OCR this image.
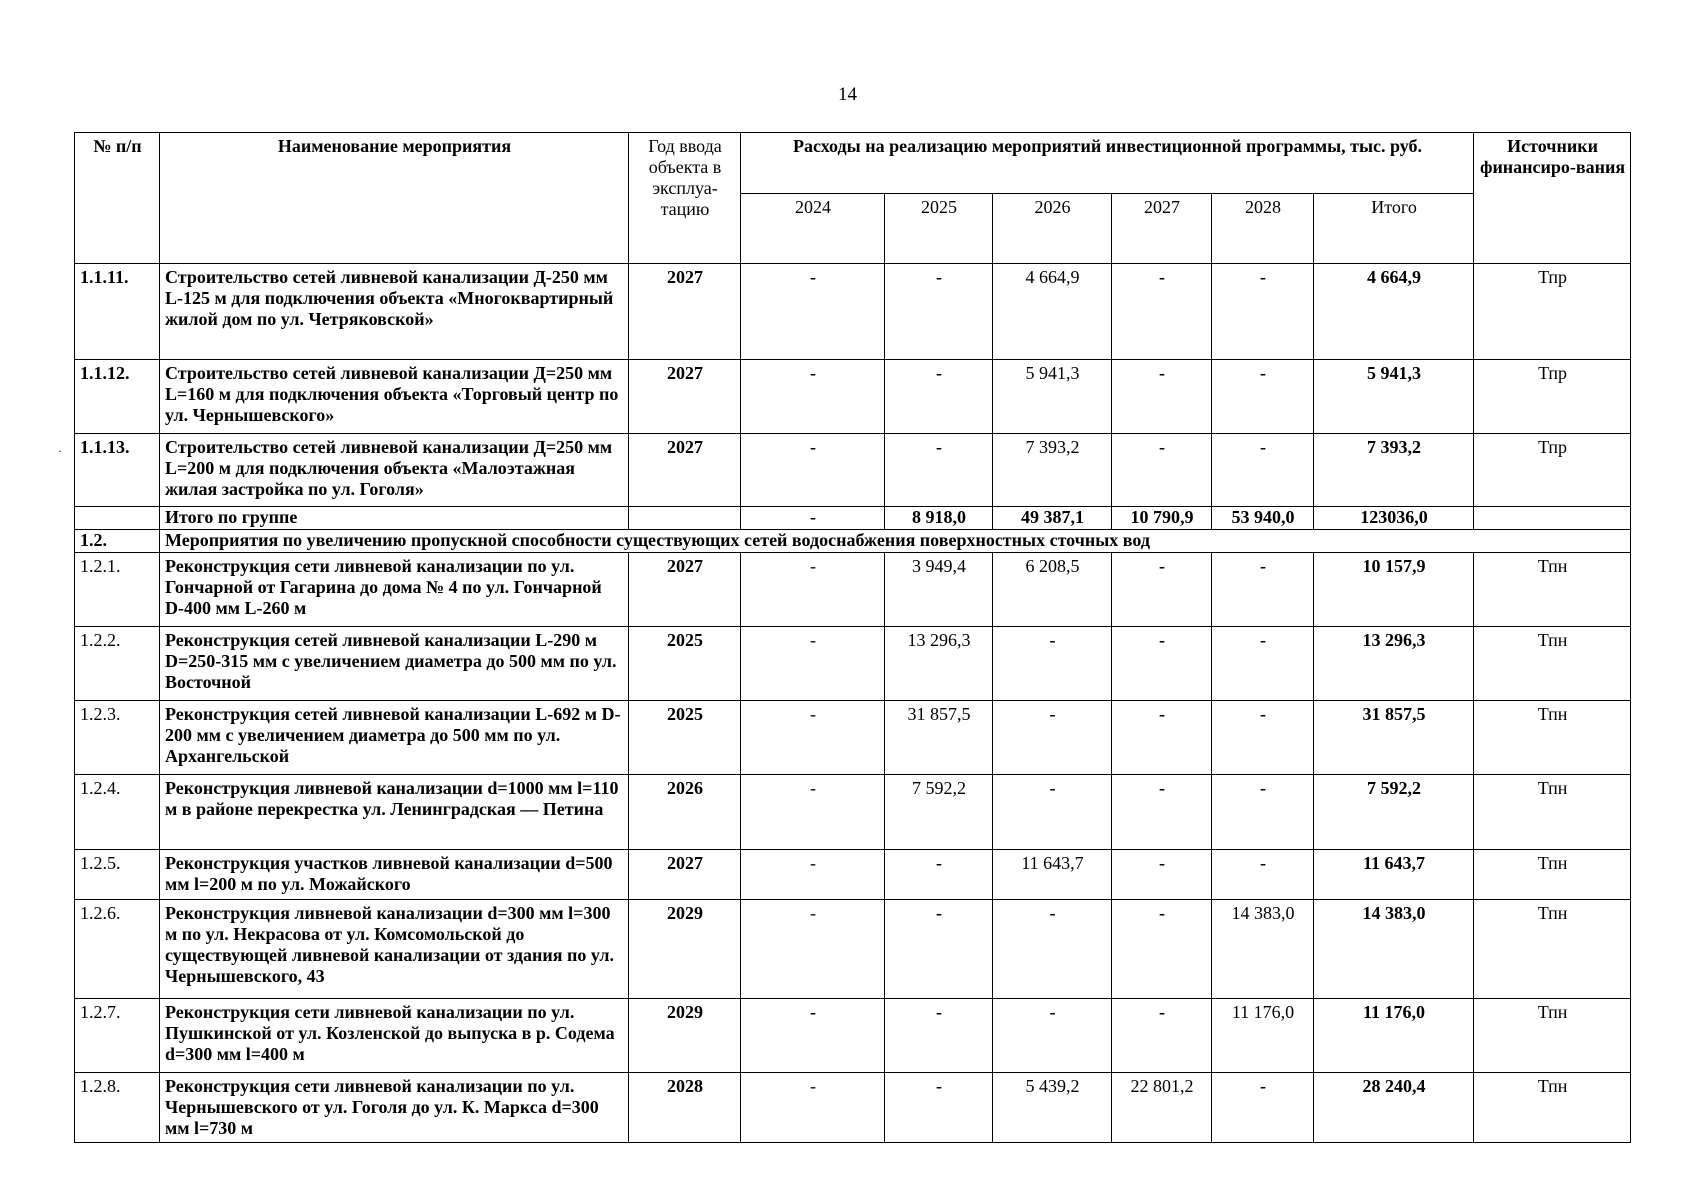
14
·
№ п/п	Наименование мероприятия	Год ввода объекта в эксплуа-тацию	Расходы на реализацию мероприятий инвестиционной программы, тыс. руб.						Источники финансиро-вания
			2024	2025	2026	2027	2028	Итого	
1.1.11.	Строительство сетей ливневой канализации Д-250 мм L-125 м для подключения объекта «Многоквартирный жилой дом по ул. Четряковской»	2027	-	-	4 664,9	-	-	4 664,9	Тпр
1.1.12.	Строительство сетей ливневой канализации Д=250 мм L=160 м для подключения объекта «Торговый центр по ул. Чернышевского»	2027	-	-	5 941,3	-	-	5 941,3	Тпр
1.1.13.	Строительство сетей ливневой канализации Д=250 мм L=200 м для подключения объекта «Малоэтажная жилая застройка по ул. Гоголя»	2027	-	-	7 393,2	-	-	7 393,2	Тпр
	Итого по группе		-	8 918,0	49 387,1	10 790,9	53 940,0	123036,0	
1.2.	Мероприятия по увеличению пропускной способности существующих сетей водоснабжения поверхностных сточных вод								
1.2.1.	Реконструкция сети ливневой канализации по ул. Гончарной от Гагарина до дома № 4 по ул. Гончарной D-400 мм L-260 м	2027	-	3 949,4	6 208,5	-	-	10 157,9	Тпн
1.2.2.	Реконструкция сетей ливневой канализации L-290 м D=250-315 мм с увеличением диаметра до 500 мм по ул. Восточной	2025	-	13 296,3	-	-	-	13 296,3	Тпн
1.2.3.	Реконструкция сетей ливневой канализации L-692 м D-200 мм с увеличением диаметра до 500 мм по ул. Архангельской	2025	-	31 857,5	-	-	-	31 857,5	Тпн
1.2.4.	Реконструкция ливневой канализации d=1000 мм l=110 м в районе перекрестка ул. Ленинградская — Петина	2026	-	7 592,2	-	-	-	7 592,2	Тпн
1.2.5.	Реконструкция участков ливневой канализации d=500 мм l=200 м по ул. Можайского	2027	-	-	11 643,7	-	-	11 643,7	Тпн
1.2.6.	Реконструкция ливневой канализации d=300 мм l=300 м по ул. Некрасова от ул. Комсомольской до существующей ливневой канализации от здания по ул. Чернышевского, 43	2029	-	-	-	-	14 383,0	14 383,0	Тпн
1.2.7.	Реконструкция сети ливневой канализации по ул. Пушкинской от ул. Козленской до выпуска в р. Содема d=300 мм l=400 м	2029	-	-	-	-	11 176,0	11 176,0	Тпн
1.2.8.	Реконструкция сети ливневой канализации по ул. Чернышевского от ул. Гоголя до ул. К. Маркса d=300 мм l=730 м	2028	-	-	5 439,2	22 801,2	-	28 240,4	Тпн
